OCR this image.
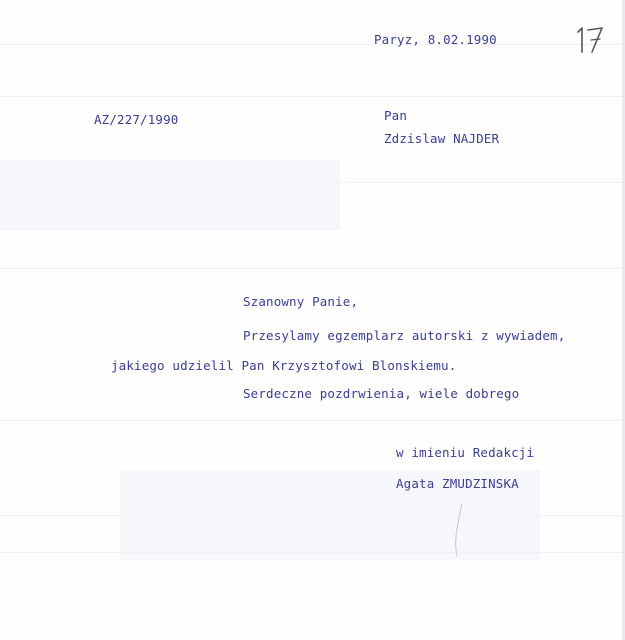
Paryz, 8.02.1990
AZ/227/1990	Pan
Zdzislaw NAJDER
Szanowny Panie,
Przesylamy egzemplarz autorski z wywiadem,
jakiego udzielil Pan Krzysztofowi Blonskiemu.
Serdeczne pozdrwienia, wiele dobrego
w imieniu Redakcji
Agata ZMUDZINSKA
